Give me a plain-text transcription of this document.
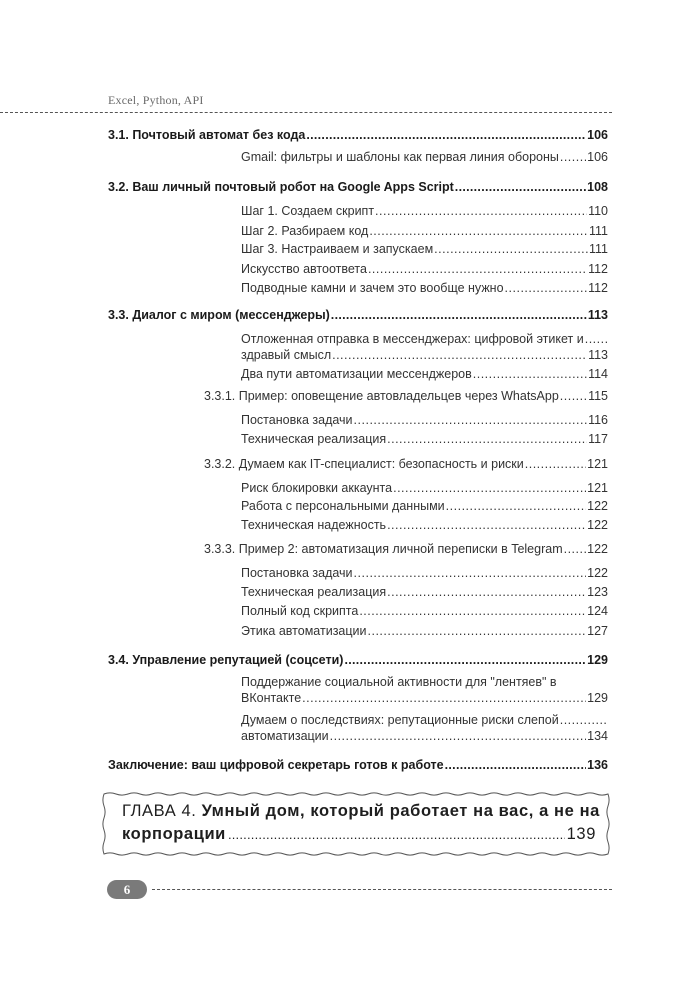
Excel, Python, API
3.1. Почтовый автомат без кода .....	106
Gmail: фильтры и шаблоны как первая линия обороны ..... 106
3.2. Ваш личный почтовый робот на Google Apps Script .....	108
Шаг 1. Создаем скрипт .....	110
Шаг 2. Разбираем код .....	111
Шаг 3. Настраиваем и запускаем .....	111
Искусство автоответа .....	112
Подводные камни и зачем это вообще нужно .....	112
3.3. Диалог с миром (мессенджеры) .....	113
Отложенная отправка в мессенджерах: цифровой этикет и
.....
здравый смысл .....	113
Два пути автоматизации мессенджеров .....	114
3.3.1. Пример: оповещение автовладельцев через WhatsApp ..... 115
Постановка задачи .....	116
Техническая реализация .....	117
3.3.2. Думаем как IT-специалист: безопасность и риски .....	121
Риск блокировки аккаунта .....	121
Работа с персональными данными .....	122
Техническая надежность .....	122
3.3.3. Пример 2: автоматизация личной переписки в Telegram ..... 122
Постановка задачи .....	122
Техническая реализация .....	123
Полный код скрипта .....	124
Этика автоматизации .....	127
3.4. Управление репутацией (соцсети) .....	129
Поддержание социальной активности для "лентяев" в
ВКонтакте .....	129
Думаем о последствиях: репутационные риски слепой
.....
автоматизации .....	134
Заключение: ваш цифровой секретарь готов к работе .....	136
ГЛАВА 4. Умный дом, который работает на вас, а не на
корпорации .....	139
6
